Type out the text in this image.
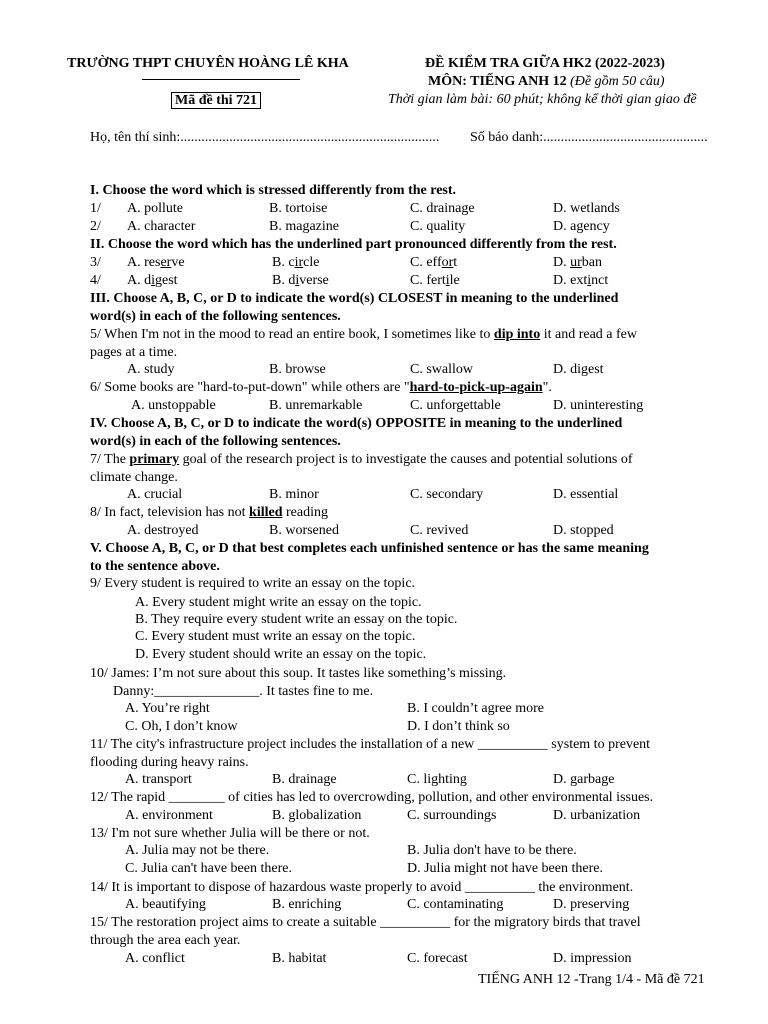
TRƯỜNG THPT CHUYÊN HOÀNG LÊ KHA
Mã đề thi 721
ĐỀ KIỂM TRA GIỮA HK2 (2022-2023)
MÔN: TIẾNG ANH 12 (Đề gồm 50 câu)
Thời gian làm bài: 60 phút; không kể thời gian giao đề
Họ, tên thí sinh:.......................................................................... Số báo danh:...............................................
I. Choose the word which is stressed differently from the rest.
1/ A. pollute	B. tortoise	C. drainage	D. wetlands
2/ A. character	B. magazine	C. quality	D. agency
II. Choose the word which has the underlined part pronounced differently from the rest.
3/ A. reserve	B. circle	C. effort	D. urban
4/ A. digest	B. diverse	C. fertile	D. extinct
III. Choose A, B, C, or D to indicate the word(s) CLOSEST in meaning to the underlined
word(s) in each of the following sentences.
5/ When I'm not in the mood to read an entire book, I sometimes like to dip into it and read a few
pages at a time.
A. study	B. browse	C. swallow	D. digest
6/ Some books are "hard-to-put-down" while others are "hard-to-pick-up-again".
A. unstoppable	B. unremarkable	C. unforgettable	D. uninteresting
IV. Choose A, B, C, or D to indicate the word(s) OPPOSITE in meaning to the underlined
word(s) in each of the following sentences.
7/ The primary goal of the research project is to investigate the causes and potential solutions of
climate change.
A. crucial	B. minor	C. secondary	D. essential
8/ In fact, television has not killed reading
A. destroyed	B. worsened	C. revived	D. stopped
V. Choose A, B, C, or D that best completes each unfinished sentence or has the same meaning
to the sentence above.
9/ Every student is required to write an essay on the topic.
A. Every student might write an essay on the topic.
B. They require every student write an essay on the topic.
C. Every student must write an essay on the topic.
D. Every student should write an essay on the topic.
10/ James: I’m not sure about this soup. It tastes like something’s missing.
Danny:_______________. It tastes fine to me.
A. You’re right	B. I couldn’t agree more
C. Oh, I don’t know	D. I don’t think so
11/ The city's infrastructure project includes the installation of a new __________ system to prevent
flooding during heavy rains.
A. transport	B. drainage	C. lighting	D. garbage
12/ The rapid ________ of cities has led to overcrowding, pollution, and other environmental issues.
A. environment	B. globalization	C. surroundings	D. urbanization
13/ I'm not sure whether Julia will be there or not.
A. Julia may not be there.	B. Julia don't have to be there.
C. Julia can't have been there.	D. Julia might not have been there.
14/ It is important to dispose of hazardous waste properly to avoid __________ the environment.
A. beautifying	B. enriching	C. contaminating	D. preserving
15/ The restoration project aims to create a suitable __________ for the migratory birds that travel
through the area each year.
A. conflict	B. habitat	C. forecast	D. impression
TIẾNG ANH 12 -Trang 1/4 - Mã đề 721
